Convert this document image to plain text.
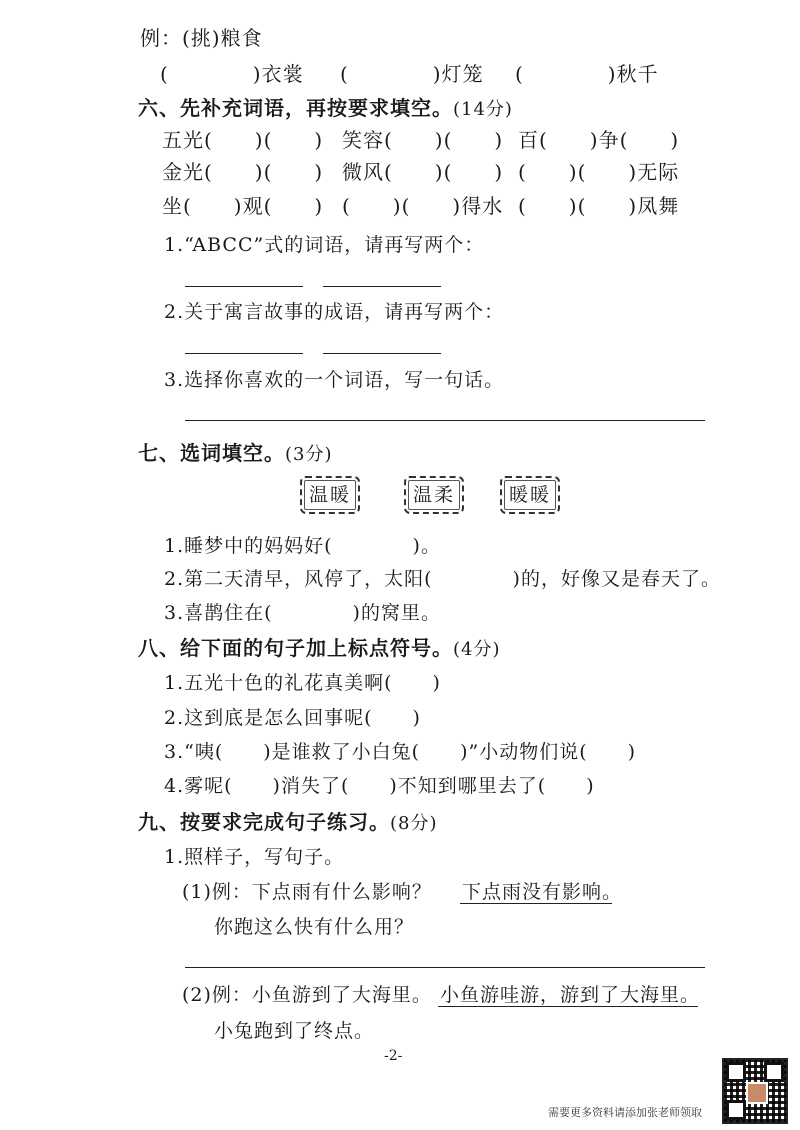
例：(挑)粮食
(　　　　)衣裳 (　　　　)灯笼 (　　　　)秋千
六、先补充词语，再按要求填空。(14分)
五光(　　)(　　) 笑容(　　)(　　) 百(　　)争(　　)
金光(　　)(　　) 微风(　　)(　　) (　　)(　　)无际
坐(　　)观(　　) (　　)(　　)得水 (　　)(　　)凤舞
1.“ABCC”式的词语，请再写两个：
2.关于寓言故事的成语，请再写两个：
3.选择你喜欢的一个词语，写一句话。
七、选词填空。(3分)
温暖	温柔	暖暖
1.睡梦中的妈妈好(　　　　)。
2.第二天清早，风停了，太阳(　　　　)的，好像又是春天了。
3.喜鹊住在(　　　　)的窝里。
八、给下面的句子加上标点符号。(4分)
1.五光十色的礼花真美啊(　　)
2.这到底是怎么回事呢(　　)
3.“咦(　　)是谁救了小白兔(　　)”小动物们说(　　)
4.雾呢(　　)消失了(　　)不知到哪里去了(　　)
九、按要求完成句子练习。(8分)
1.照样子，写句子。
(1)例：下点雨有什么影响？ 下点雨没有影响。
你跑这么快有什么用？
(2)例：小鱼游到了大海里。 小鱼游哇游，游到了大海里。
小兔跑到了终点。
-2-
需要更多资料请添加张老师领取
